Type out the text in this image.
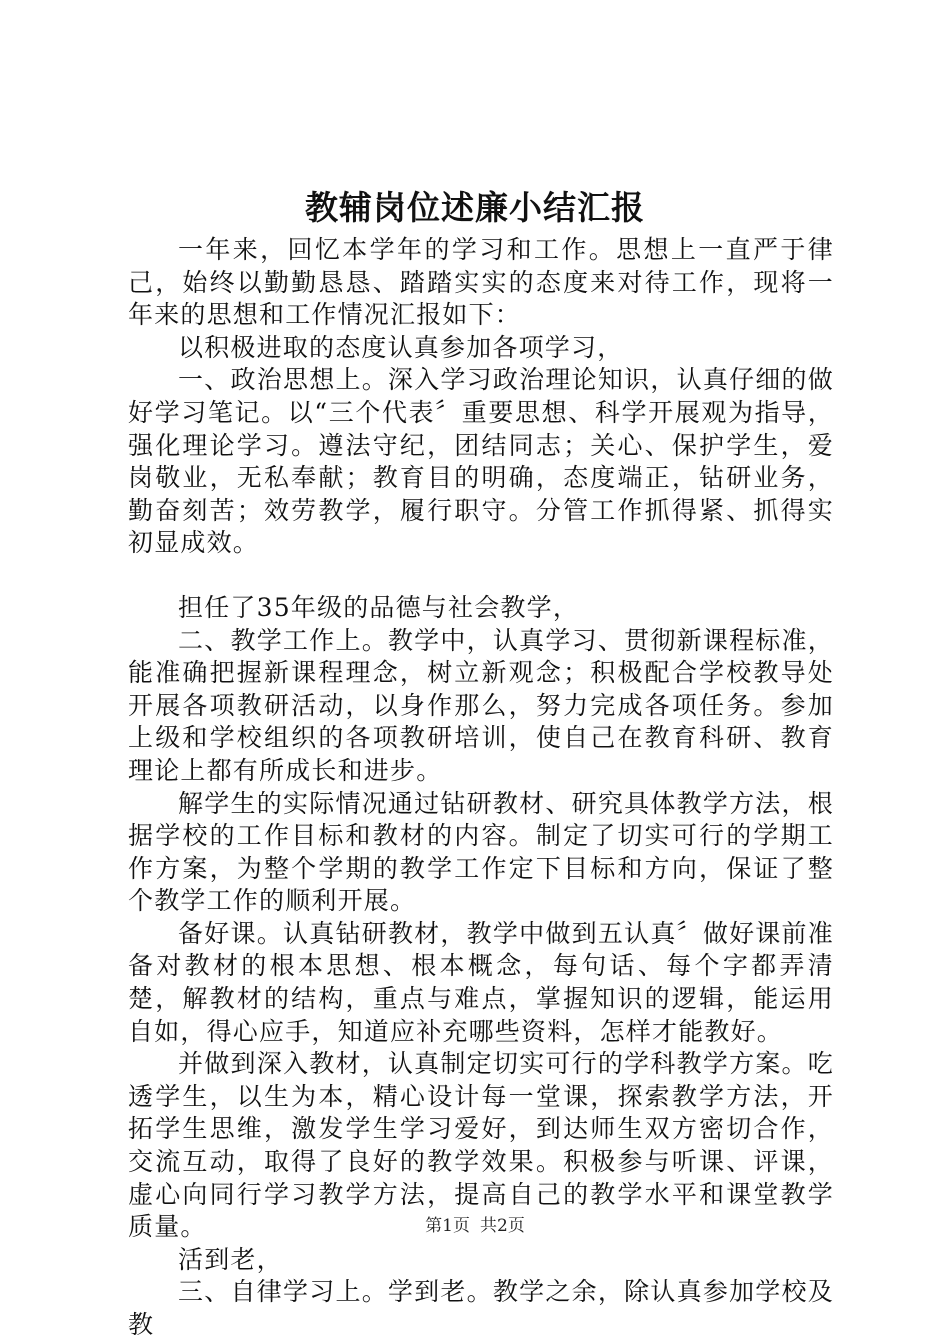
教辅岗位述廉小结汇报

一年来，回忆本学年的学习和工作。思想上一直严于律己，始终以勤勤恳恳、踏踏实实的态度来对待工作，现将一年来的思想和工作情况汇报如下：

以积极进取的态度认真参加各项学习，

一、政治思想上。深入学习政治理论知识，认真仔细的做好学习笔记。以“三个代表〞重要思想、科学开展观为指导，强化理论学习。遵法守纪，团结同志；关心、保护学生，爱岗敬业，无私奉献；教育目的明确，态度端正，钻研业务，勤奋刻苦；效劳教学，履行职守。分管工作抓得紧、抓得实初显成效。

担任了35年级的品德与社会教学，

二、教学工作上。教学中，认真学习、贯彻新课程标准，能准确把握新课程理念，树立新观念；积极配合学校教导处开展各项教研活动，以身作那么，努力完成各项任务。参加上级和学校组织的各项教研培训，使自己在教育科研、教育理论上都有所成长和进步。

解学生的实际情况通过钻研教材、研究具体教学方法，根据学校的工作目标和教材的内容。制定了切实可行的学期工作方案，为整个学期的教学工作定下目标和方向，保证了整个教学工作的顺利开展。

备好课。认真钻研教材，教学中做到五认真〞做好课前准备对教材的根本思想、根本概念，每句话、每个字都弄清楚，解教材的结构，重点与难点，掌握知识的逻辑，能运用自如，得心应手，知道应补充哪些资料，怎样才能教好。

并做到深入教材，认真制定切实可行的学科教学方案。吃透学生，以生为本，精心设计每一堂课，探索教学方法，开拓学生思维，激发学生学习爱好，到达师生双方密切合作，交流互动，取得了良好的教学效果。积极参与听课、评课，虚心向同行学习教学方法，提高自己的教学水平和课堂教学质量。

活到老，

三、自律学习上。学到老。教学之余，除认真参加学校及教

第1页 共2页
